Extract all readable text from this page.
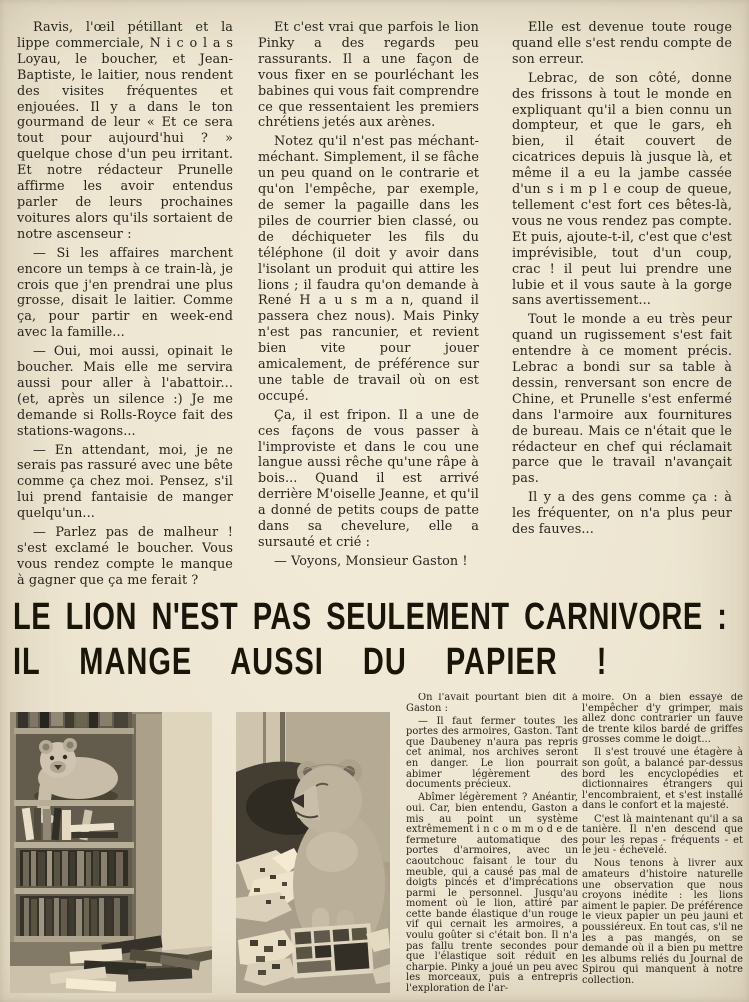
Ravis, l'œil pétillant et la lippe commerciale, N i c o l a s Loyau, le boucher, et Jean-Baptiste, le laitier, nous rendent des visites fréquentes et enjouées. Il y a dans le ton gourmand de leur « Et ce sera tout pour aujourd'hui ? » quelque chose d'un peu irritant. Et notre rédacteur Prunelle affirme les avoir entendus parler de leurs prochaines voitures alors qu'ils sortaient de notre ascenseur :

— Si les affaires marchent encore un temps à ce train-là, je crois que j'en prendrai une plus grosse, disait le laitier. Comme ça, pour partir en week-end avec la famille...

— Oui, moi aussi, opinait le boucher. Mais elle me servira aussi pour aller à l'abattoir... (et, après un silence :) Je me demande si Rolls-Royce fait des stations-wagons...

— En attendant, moi, je ne serais pas rassuré avec une bête comme ça chez moi. Pensez, s'il lui prend fantaisie de manger quelqu'un...

— Parlez pas de malheur ! s'est exclamé le boucher. Vous vous rendez compte le manque à gagner que ça me ferait ?

Et c'est vrai que parfois le lion Pinky a des regards peu rassurants. Il a une façon de vous fixer en se pourléchant les babines qui vous fait comprendre ce que ressentaient les premiers chrétiens jetés aux arènes.

Notez qu'il n'est pas méchant-méchant. Simplement, il se fâche un peu quand on le contrarie et qu'on l'empêche, par exemple, de semer la pagaille dans les piles de courrier bien classé, ou de déchiqueter les fils du téléphone (il doit y avoir dans l'isolant un produit qui attire les lions ; il faudra qu'on demande à René H a u s m a n, quand il passera chez nous). Mais Pinky n'est pas rancunier, et revient bien vite pour jouer amicalement, de préférence sur une table de travail où on est occupé.

Ça, il est fripon. Il a une de ces façons de vous passer à l'improviste et dans le cou une langue aussi rêche qu'une râpe à bois... Quand il est arrivé derrière M'oiselle Jeanne, et qu'il a donné de petits coups de patte dans sa chevelure, elle a sursauté et crié :

— Voyons, Monsieur Gaston !

Elle est devenue toute rouge quand elle s'est rendu compte de son erreur.

Lebrac, de son côté, donne des frissons à tout le monde en expliquant qu'il a bien connu un dompteur, et que le gars, eh bien, il était couvert de cicatrices depuis là jusque là, et même il a eu la jambe cassée d'un s i m p l e coup de queue, tellement c'est fort ces bêtes-là, vous ne vous rendez pas compte. Et puis, ajoute-t-il, c'est que c'est imprévisible, tout d'un coup, crac ! il peut lui prendre une lubie et il vous saute à la gorge sans avertissement...

Tout le monde a eu très peur quand un rugissement s'est fait entendre à ce moment précis. Lebrac a bondi sur sa table à dessin, renversant son encre de Chine, et Prunelle s'est enfermé dans l'armoire aux fournitures de bureau. Mais ce n'était que le rédacteur en chef qui réclamait parce que le travail n'avançait pas.

Il y a des gens comme ça : à les fréquenter, on n'a plus peur des fauves...

LE LION N'EST PAS SEULEMENT CARNIVORE :
IL MANGE AUSSI DU PAPIER !

On l'avait pourtant bien dit à Gaston :

— Il faut fermer toutes les portes des armoires, Gaston. Tant que Daubeney n'aura pas repris cet animal, nos archives seront en danger. Le lion pourrait abimer légèrement des documents précieux.

Abîmer légèrement ? Anéantir, oui. Car, bien entendu, Gaston a mis au point un système extrêmement i n c o m m o d e de fermeture automatique des portes d'armoires, avec un caoutchouc faisant le tour du meuble, qui a causé pas mal de doigts pincés et d'imprécations parmi le personnel. Jusqu'au moment où le lion, attiré par cette bande élastique d'un rouge vif qui cernait les armoires, a voulu goûter si c'était bon. Il n'a pas fallu trente secondes pour que l'élastique soit réduit en charpie. Pinky a joué un peu avec les morceaux, puis a entrepris l'exploration de l'ar-

moire. On a bien essayé de l'empêcher d'y grimper, mais allez donc contrarier un fauve de trente kilos bardé de griffes grosses comme le doigt...

Il s'est trouvé une étagère à son goût, a balancé par-dessus bord les encyclopédies et dictionnaires étrangers qui l'encombraient, et s'est installé dans le confort et la majesté.

C'est là maintenant qu'il a sa tanière. Il n'en descend que pour les repas - fréquents - et le jeu - échevelé.

Nous tenons à livrer aux amateurs d'histoire naturelle une observation que nous croyons inédite : les lions aiment le papier. De préférence le vieux papier un peu jauni et poussiéreux. En tout cas, s'il ne les a pas mangés, on se demande où il a bien pu mettre les albums reliés du Journal de Spirou qui manquent à notre collection.
